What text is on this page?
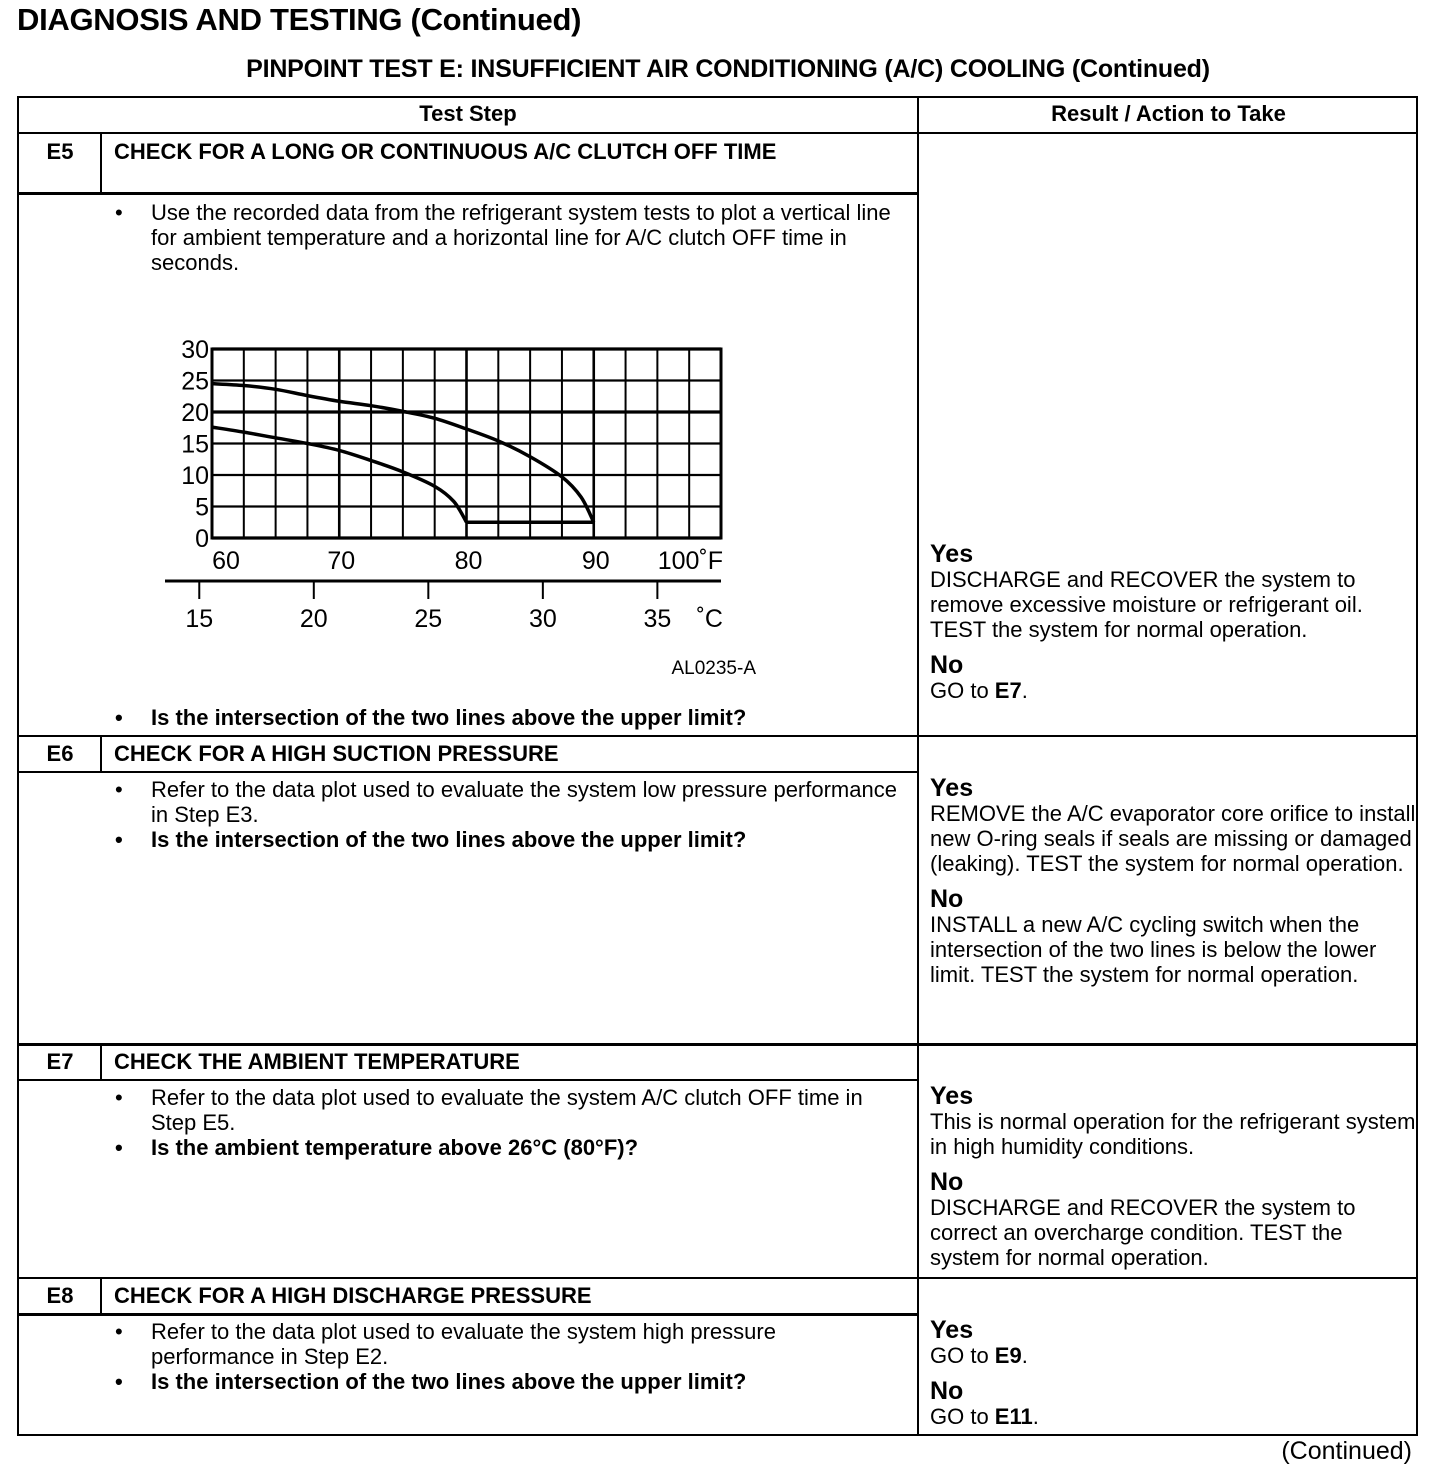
DIAGNOSIS AND TESTING (Continued)
PINPOINT TEST E: INSUFFICIENT AIR CONDITIONING (A/C) COOLING (Continued)
Test Step	Result / Action to Take
E5	CHECK FOR A LONG OR CONTINUOUS A/C CLUTCH OFF TIME
• Use the recorded data from the refrigerant system tests to plot a vertical line for ambient temperature and a horizontal line for A/C clutch OFF time in seconds.
0
5
10
15
20
25
30
60	70	80	90 100˚F
15	20	25	30	35 ˚C
AL0235-A
• Is the intersection of the two lines above the upper limit?
Yes
DISCHARGE and RECOVER the system to remove excessive moisture or refrigerant oil. TEST the system for normal operation.
No
GO to E7.
E6	CHECK FOR A HIGH SUCTION PRESSURE
• Refer to the data plot used to evaluate the system low pressure performance in Step E3.
• Is the intersection of the two lines above the upper limit?
Yes
REMOVE the A/C evaporator core orifice to install new O-ring seals if seals are missing or damaged (leaking). TEST the system for normal operation.
No
INSTALL a new A/C cycling switch when the intersection of the two lines is below the lower limit. TEST the system for normal operation.
E7	CHECK THE AMBIENT TEMPERATURE
• Refer to the data plot used to evaluate the system A/C clutch OFF time in Step E5.
• Is the ambient temperature above 26°C (80°F)?
Yes
This is normal operation for the refrigerant system in high humidity conditions.
No
DISCHARGE and RECOVER the system to correct an overcharge condition. TEST the system for normal operation.
E8	CHECK FOR A HIGH DISCHARGE PRESSURE
• Refer to the data plot used to evaluate the system high pressure performance in Step E2.
• Is the intersection of the two lines above the upper limit?
Yes
GO to E9.
No
GO to E11.
(Continued)
